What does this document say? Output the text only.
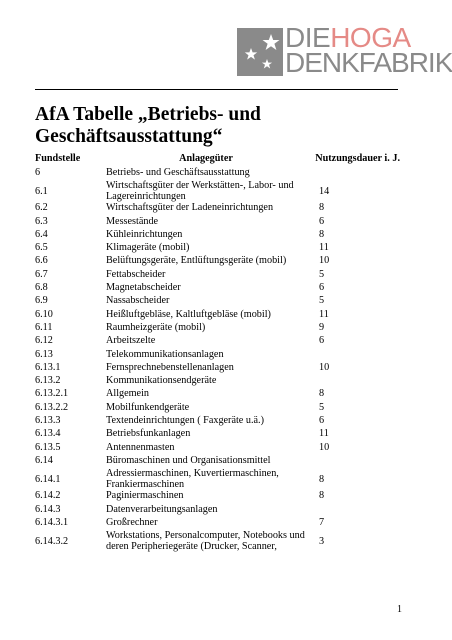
DIEHOGA
DENKFABRIK
AfA Tabelle „Betriebs- und Geschäftsausstattung“
Fundstelle	Anlagegüter	Nutzungsdauer i. J.
6	Betriebs- und Geschäftsausstattung	
6.1	Wirtschaftsgüter der Werkstätten-, Labor- und Lagereinrichtungen	14
6.2	Wirtschaftsgüter der Ladeneinrichtungen	8
6.3	Messestände	6
6.4	Kühleinrichtungen	8
6.5	Klimageräte (mobil)	11
6.6	Belüftungsgeräte, Entlüftungsgeräte (mobil)	10
6.7	Fettabscheider	5
6.8	Magnetabscheider	6
6.9	Nassabscheider	5
6.10	Heißluftgebläse, Kaltluftgebläse (mobil)	11
6.11	Raumheizgeräte (mobil)	9
6.12	Arbeitszelte	6
6.13	Telekommunikationsanlagen	
6.13.1	Fernsprechnebenstellenanlagen	10
6.13.2	Kommunikationsendgeräte	
6.13.2.1	Allgemein	8
6.13.2.2	Mobilfunkendgeräte	5
6.13.3	Textendeinrichtungen ( Faxgeräte u.ä.)	6
6.13.4	Betriebsfunkanlagen	11
6.13.5	Antennenmasten	10
6.14	Büromaschinen und Organisationsmittel	
6.14.1	Adressiermaschinen, Kuvertiermaschinen, Frankiermaschinen	8
6.14.2	Paginiermaschinen	8
6.14.3	Datenverarbeitungsanlagen	
6.14.3.1	Großrechner	7
6.14.3.2	Workstations, Personalcomputer, Notebooks und deren Peripheriegeräte (Drucker, Scanner,	3
1
